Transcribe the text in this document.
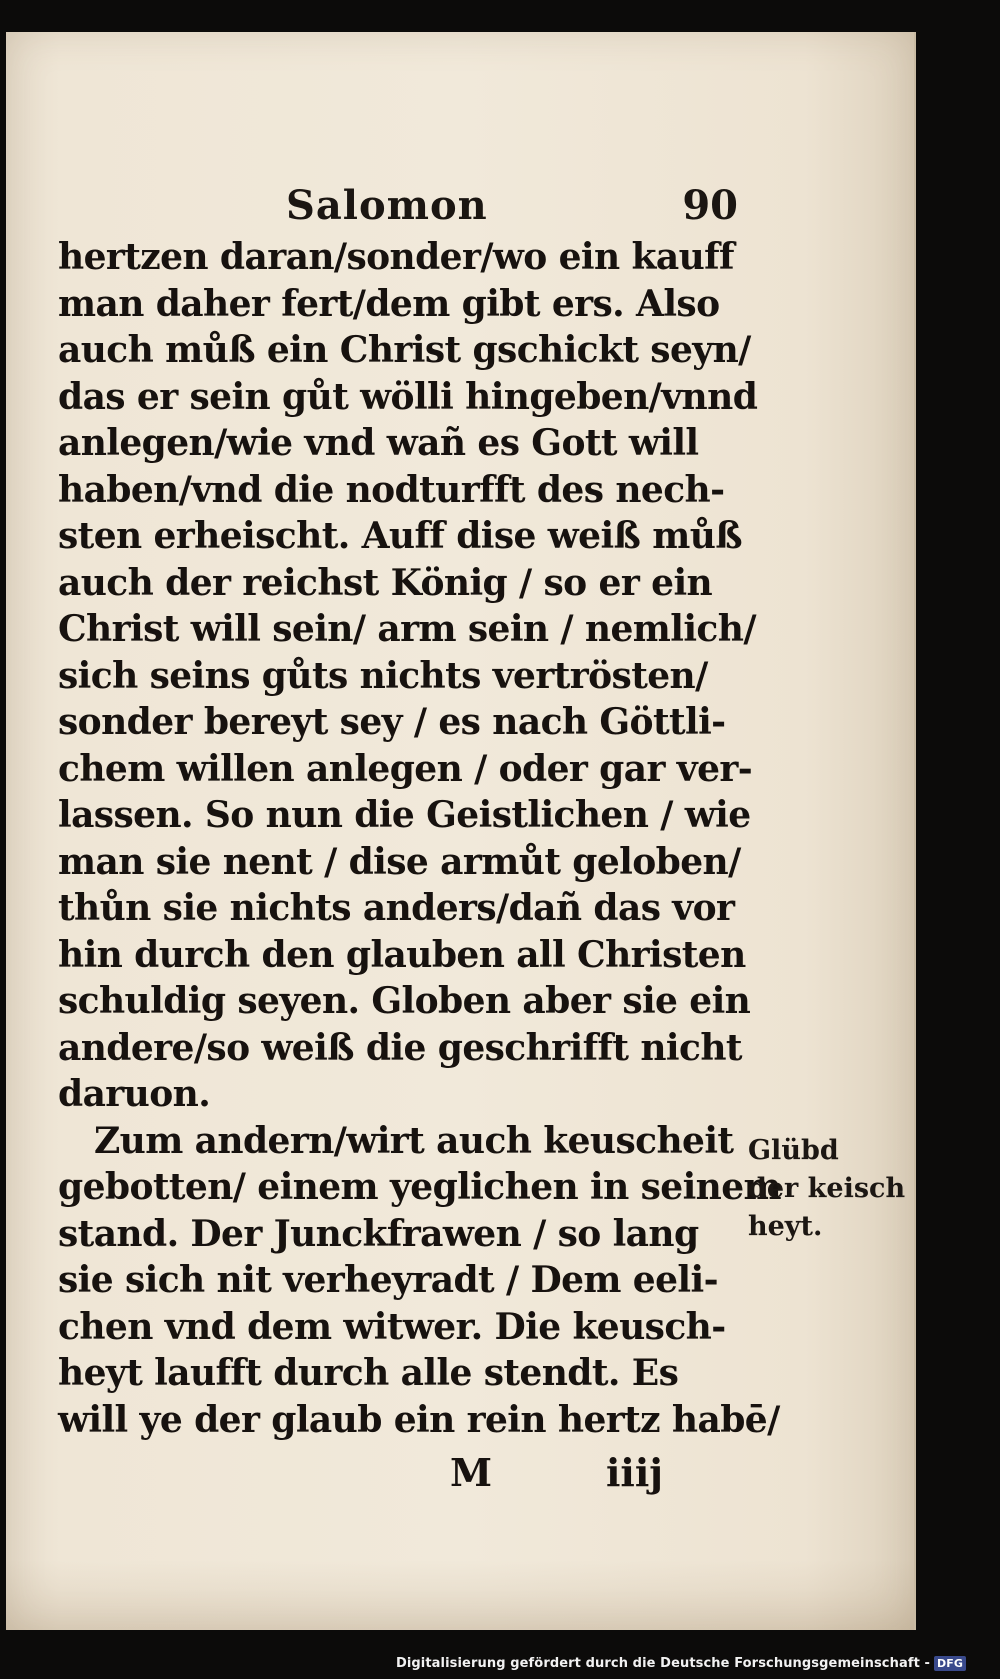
Salomon	90
hertzen daran/sonder/wo ein kauff
man daher fert/dem gibt ers. Also
auch můß ein Christ gschickt seyn/
das er sein gůt wölli hingeben/vnnd
anlegen/wie vnd wañ es Gott will
haben/vnd die nodturfft des nech-
sten erheischt. Auff dise weiß můß
auch der reichst König / so er ein
Christ will sein/ arm sein / nemlich/
sich seins gůts nichts vertrösten/
sonder bereyt sey / es nach Göttli-
chem willen anlegen / oder gar ver-
lassen. So nun die Geistlichen / wie
man sie nent / dise armůt geloben/
thůn sie nichts anders/dañ das vor
hin durch den glauben all Christen
schuldig seyen. Globen aber sie ein
andere/so weiß die geschrifft nicht
daruon.
Zum andern/wirt auch keuscheit
gebotten/ einem yeglichen in seinem
stand. Der Junckfrawen / so lang
sie sich nit verheyradt / Dem eeli-
chen vnd dem witwer. Die keusch-
heyt laufft durch alle stendt. Es
will ye der glaub ein rein hertz habē/
Glübd
der keisch
heyt.
M	iiij
Digitalisierung gefördert durch die Deutsche Forschungsgemeinschaft - DFG
